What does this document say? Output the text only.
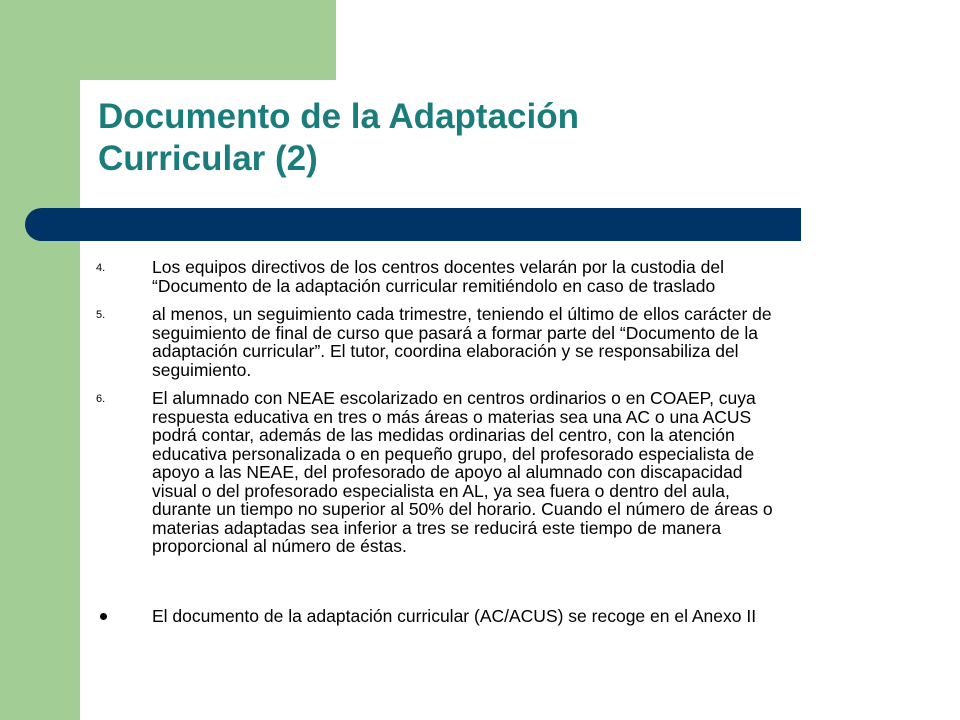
Documento de la Adaptación
Curricular (2)
4.	Los equipos directivos de los centros docentes velarán por la custodia del
“Documento de la adaptación curricular remitiéndolo en caso de traslado
5.	al menos, un seguimiento cada trimestre, teniendo el último de ellos carácter de
seguimiento de final de curso que pasará a formar parte del “Documento de la
adaptación curricular”. El tutor, coordina elaboración y se responsabiliza del
seguimiento.
6.	El alumnado con NEAE escolarizado en centros ordinarios o en COAEP, cuya
respuesta educativa en tres o más áreas o materias sea una AC o una ACUS
podrá contar, además de las medidas ordinarias del centro, con la atención
educativa personalizada o en pequeño grupo, del profesorado especialista de
apoyo a las NEAE, del profesorado de apoyo al alumnado con discapacidad
visual o del profesorado especialista en AL, ya sea fuera o dentro del aula,
durante un tiempo no superior al 50% del horario. Cuando el número de áreas o
materias adaptadas sea inferior a tres se reducirá este tiempo de manera
proporcional al número de éstas.
El documento de la adaptación curricular (AC/ACUS) se recoge en el Anexo II
